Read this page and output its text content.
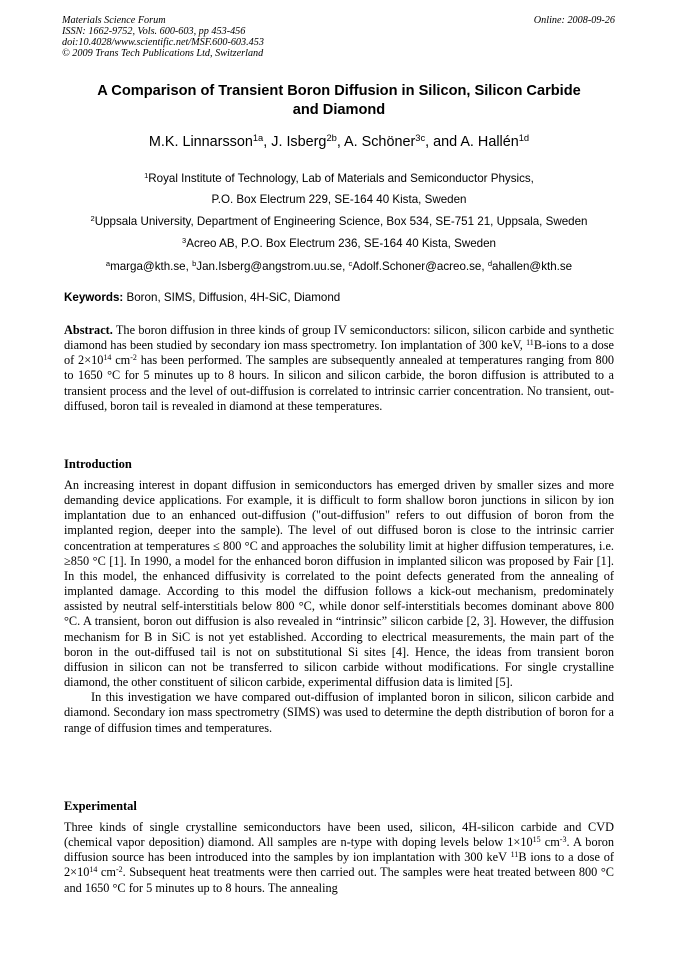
Materials Science Forum
ISSN: 1662-9752, Vols. 600-603, pp 453-456
doi:10.4028/www.scientific.net/MSF.600-603.453
© 2009 Trans Tech Publications Ltd, Switzerland
Online: 2008-09-26
A Comparison of Transient Boron Diffusion in Silicon, Silicon Carbide
and Diamond
M.K. Linnarsson$^{1a}$, J. Isberg$^{2b}$, A. Schöner$^{3c}$, and A. Hallén$^{1d}$
$^1$Royal Institute of Technology, Lab of Materials and Semiconductor Physics,
P.O. Box Electrum 229, SE-164 40 Kista, Sweden
$^2$Uppsala University, Department of Engineering Science, Box 534, SE-751 21, Uppsala, Sweden
$^3$Acreo AB, P.O. Box Electrum 236, SE-164 40 Kista, Sweden
$^a$marga@kth.se, $^b$Jan.Isberg@angstrom.uu.se, $^c$Adolf.Schoner@acreo.se, $^d$ahallen@kth.se
Keywords: Boron, SIMS, Diffusion, 4H-SiC, Diamond

Abstract. The boron diffusion in three kinds of group IV semiconductors: silicon, silicon carbide and synthetic diamond has been studied by secondary ion mass spectrometry. Ion implantation of 300 keV, $^{11}$B-ions to a dose of $2\times 10^{14}$ $cm^{-2}$ has been performed. The samples are subsequently annealed at temperatures ranging from 800 to 1650 °C for 5 minutes up to 8 hours. In silicon and silicon carbide, the boron diffusion is attributed to a transient process and the level of out-diffusion is correlated to intrinsic carrier concentration. No transient, out-diffused, boron tail is revealed in diamond at these temperatures.

Introduction

An increasing interest in dopant diffusion in semiconductors has emerged driven by smaller sizes and more demanding device applications. For example, it is difficult to form shallow boron junctions in silicon by ion implantation due to an enhanced out-diffusion ("out-diffusion" refers to out diffusion of boron from the implanted region, deeper into the sample). The level of out diffused boron is close to the intrinsic carrier concentration at temperatures ≤ 800 °C and approaches the solubility limit at higher diffusion temperatures, i.e. ≥850 °C [1]. In 1990, a model for the enhanced boron diffusion in implanted silicon was proposed by Fair [1]. In this model, the enhanced diffusivity is correlated to the point defects generated from the annealing of implanted damage. According to this model the diffusion follows a kick-out mechanism, predominately assisted by neutral self-interstitials below 800 °C, while donor self-interstitials becomes dominant above 800 °C. A transient, boron out diffusion is also revealed in “intrinsic” silicon carbide [2, 3]. However, the diffusion mechanism for B in SiC is not yet established. According to electrical measurements, the main part of the boron in the out-diffused tail is not on substitutional Si sites [4]. Hence, the ideas from transient boron diffusion in silicon can not be transferred to silicon carbide without modifications. For single crystalline diamond, the other constituent of silicon carbide, experimental diffusion data is limited [5].

In this investigation we have compared out-diffusion of implanted boron in silicon, silicon carbide and diamond. Secondary ion mass spectrometry (SIMS) was used to determine the depth distribution of boron for a range of diffusion times and temperatures.

Experimental

Three kinds of single crystalline semiconductors have been used, silicon, 4H-silicon carbide and CVD (chemical vapor deposition) diamond. All samples are n-type with doping levels below $1\times 10^{15}$ $cm^{-3}$. A boron diffusion source has been introduced into the samples by ion implantation with 300 keV $^{11}$B ions to a dose of $2\times 10^{14}$ $cm^{-2}$. Subsequent heat treatments were then carried out. The samples were heat treated between 800 °C and 1650 °C for 5 minutes up to 8 hours. The annealing
